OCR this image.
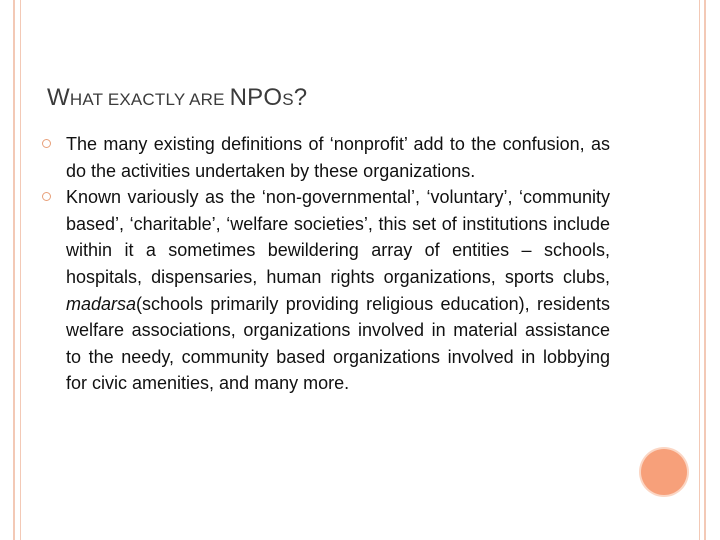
WHAT EXACTLY ARE NPOS?
The many existing definitions of ‘nonprofit’ add to the confusion, as do the activities undertaken by these organizations.
Known variously as the ‘non-governmental’, ‘voluntary’, ‘community based’, ‘charitable’, ‘welfare societies’, this set of institutions include within it a sometimes bewildering array of entities – schools, hospitals, dispensaries, human rights organizations, sports clubs, madarsa(schools primarily providing religious education), residents welfare associations, organizations involved in material assistance to the needy, community based organizations involved in lobbying for civic amenities, and many more.
